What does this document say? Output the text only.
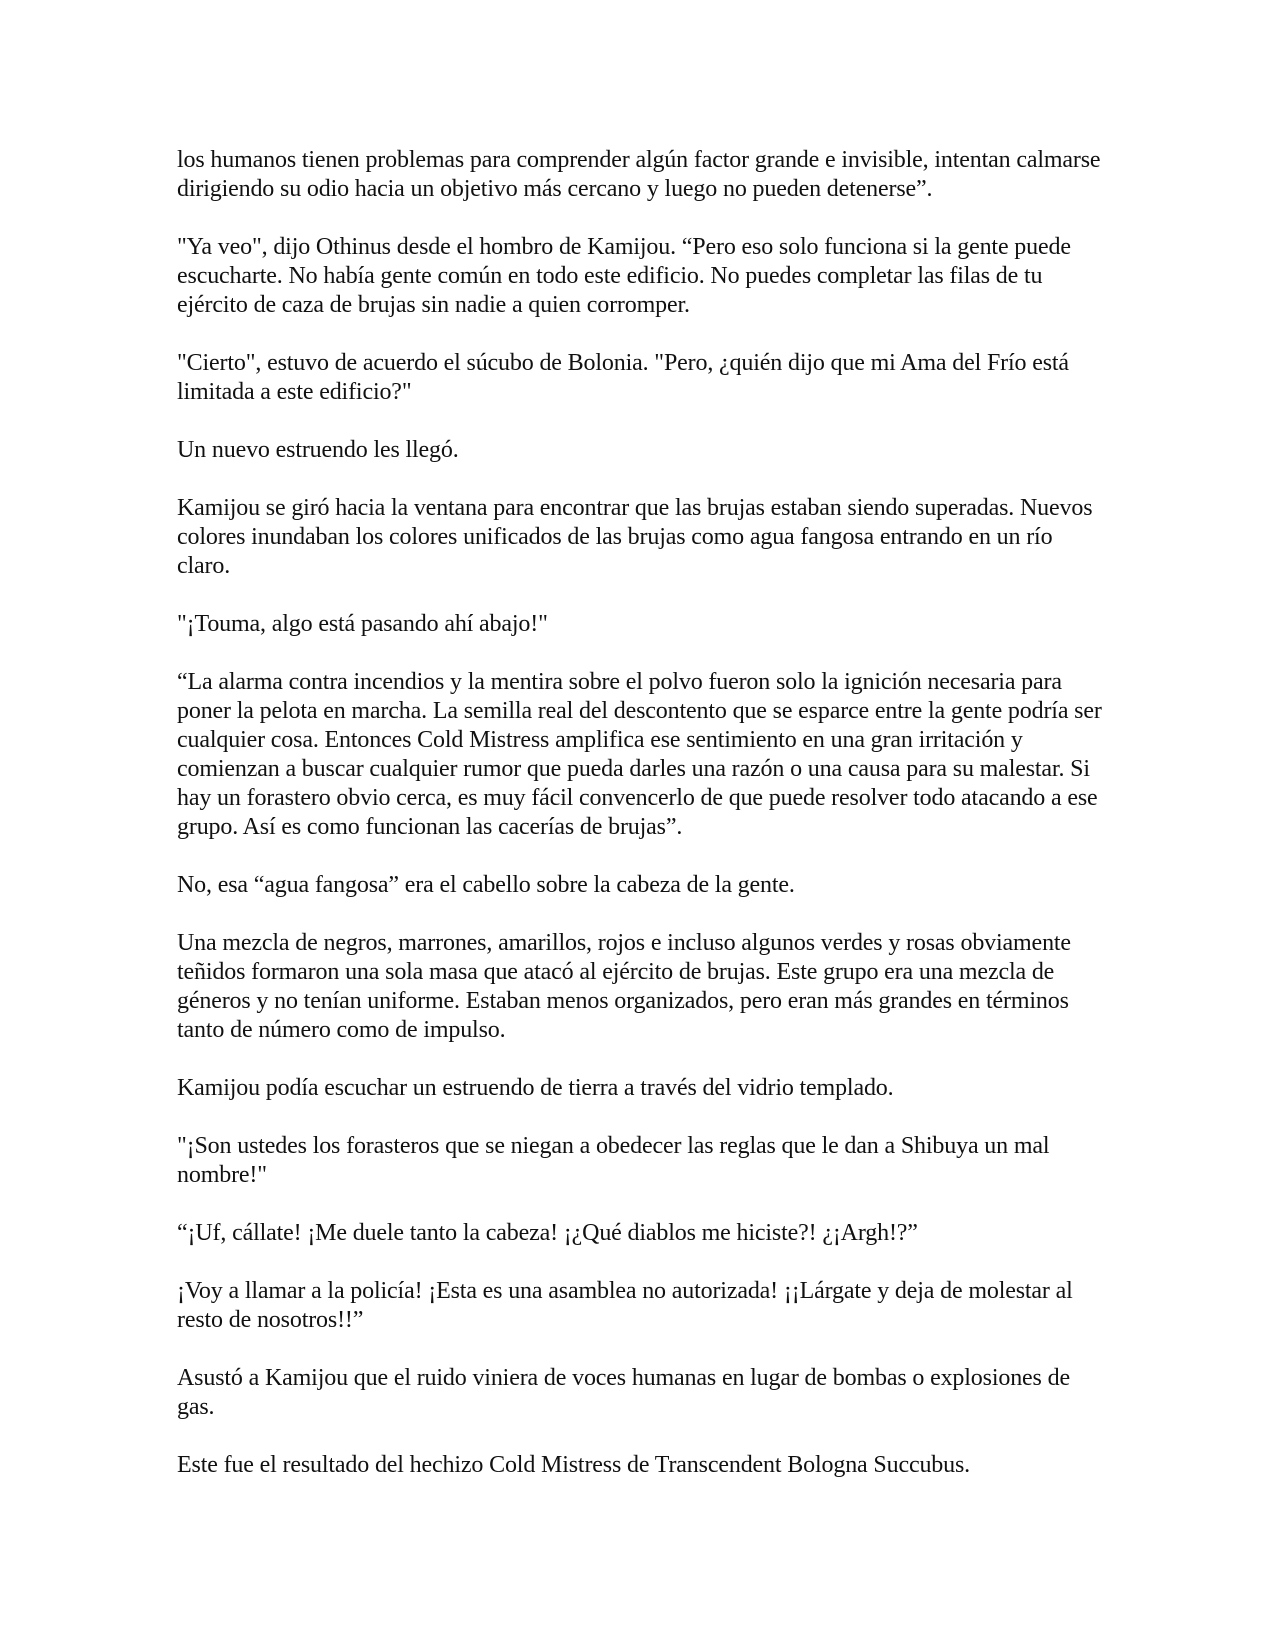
los humanos tienen problemas para comprender algún factor grande e invisible, intentan calmarse dirigiendo su odio hacia un objetivo más cercano y luego no pueden detenerse”.

"Ya veo", dijo Othinus desde el hombro de Kamijou. “Pero eso solo funciona si la gente puede escucharte. No había gente común en todo este edificio. No puedes completar las filas de tu ejército de caza de brujas sin nadie a quien corromper.

"Cierto", estuvo de acuerdo el súcubo de Bolonia. "Pero, ¿quién dijo que mi Ama del Frío está limitada a este edificio?"

Un nuevo estruendo les llegó.

Kamijou se giró hacia la ventana para encontrar que las brujas estaban siendo superadas. Nuevos colores inundaban los colores unificados de las brujas como agua fangosa entrando en un río claro.

"¡Touma, algo está pasando ahí abajo!"

“La alarma contra incendios y la mentira sobre el polvo fueron solo la ignición necesaria para poner la pelota en marcha. La semilla real del descontento que se esparce entre la gente podría ser cualquier cosa. Entonces Cold Mistress amplifica ese sentimiento en una gran irritación y comienzan a buscar cualquier rumor que pueda darles una razón o una causa para su malestar. Si hay un forastero obvio cerca, es muy fácil convencerlo de que puede resolver todo atacando a ese grupo. Así es como funcionan las cacerías de brujas”.

No, esa “agua fangosa” era el cabello sobre la cabeza de la gente.

Una mezcla de negros, marrones, amarillos, rojos e incluso algunos verdes y rosas obviamente teñidos formaron una sola masa que atacó al ejército de brujas. Este grupo era una mezcla de géneros y no tenían uniforme. Estaban menos organizados, pero eran más grandes en términos tanto de número como de impulso.

Kamijou podía escuchar un estruendo de tierra a través del vidrio templado.

"¡Son ustedes los forasteros que se niegan a obedecer las reglas que le dan a Shibuya un mal nombre!"

“¡Uf, cállate! ¡Me duele tanto la cabeza! ¡¿Qué diablos me hiciste?! ¿¡Argh!?”

¡Voy a llamar a la policía! ¡Esta es una asamblea no autorizada! ¡¡Lárgate y deja de molestar al resto de nosotros!!”

Asustó a Kamijou que el ruido viniera de voces humanas en lugar de bombas o explosiones de gas.

Este fue el resultado del hechizo Cold Mistress de Transcendent Bologna Succubus.
